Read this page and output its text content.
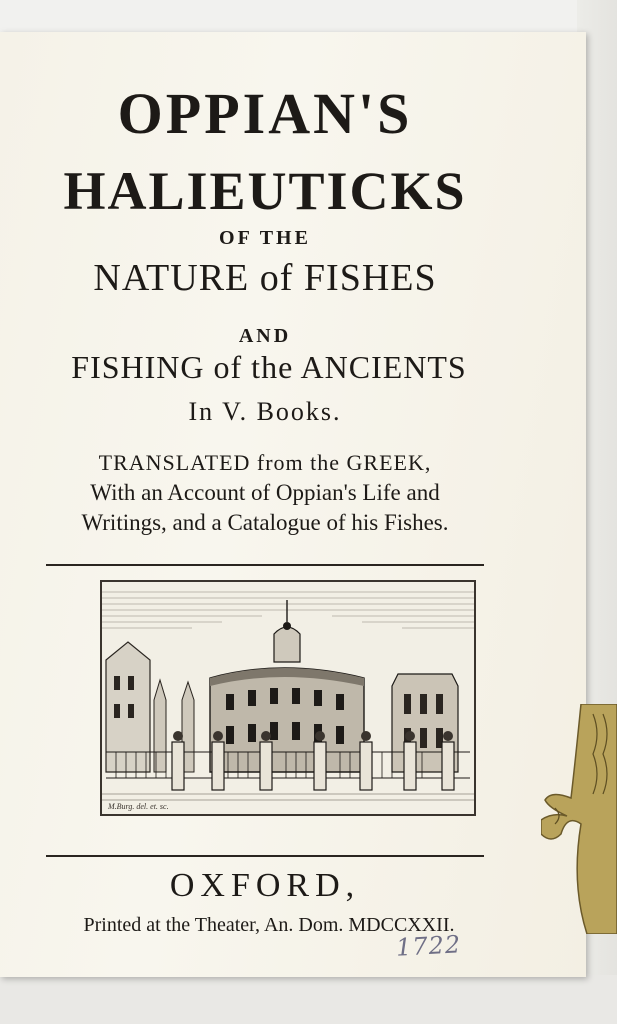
OPPIAN'S
HALIEUTICKS
OF THE
NATURE of FISHES
AND
FISHING of the ANCIENTS
In V. Books.
TRANSLATED from the GREEK,
With an Account of Oppian's Life and
Writings, and a Catalogue of his Fishes.
M.Burg. del. et. sc.
OXFORD,
Printed at the Theater, An. Dom. MDCCXXII.
1722
